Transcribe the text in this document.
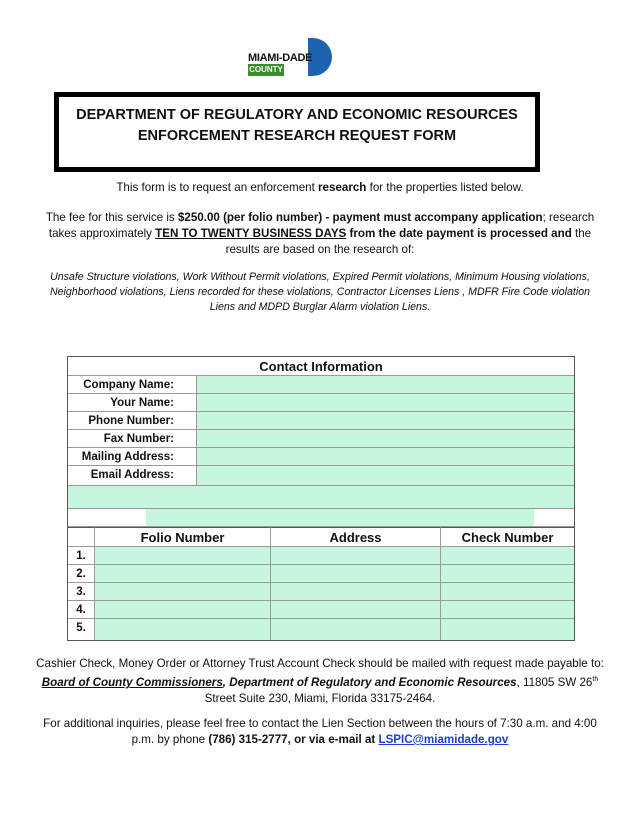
MIAMI-DADE
COUNTY
DEPARTMENT OF REGULATORY AND ECONOMIC RESOURCES
ENFORCEMENT RESEARCH REQUEST FORM
This form is to request an enforcement research for the properties listed below.
The fee for this service is $250.00 (per folio number) - payment must accompany application; research takes approximately TEN TO TWENTY BUSINESS DAYS from the date payment is processed and the results are based on the research of:
Unsafe Structure violations, Work Without Permit violations, Expired Permit violations, Minimum Housing violations, Neighborhood violations, Liens recorded for these violations, Contractor Licenses Liens , MDFR Fire Code violation Liens and MDPD Burglar Alarm violation Liens.
Contact Information
Company Name:
Your Name:
Phone Number:
Fax Number:
Mailing Address:
Email Address:
Folio Number	Address	Check Number
1.
2.
3.
4.
5.
Cashier Check, Money Order or Attorney Trust Account Check should be mailed with request made payable to: Board of County Commissioners, Department of Regulatory and Economic Resources, 11805 SW 26th Street Suite 230, Miami, Florida 33175-2464.
For additional inquiries, please feel free to contact the Lien Section between the hours of 7:30 a.m. and 4:00 p.m. by phone (786) 315-2777, or via e-mail at LSPIC@miamidade.gov
